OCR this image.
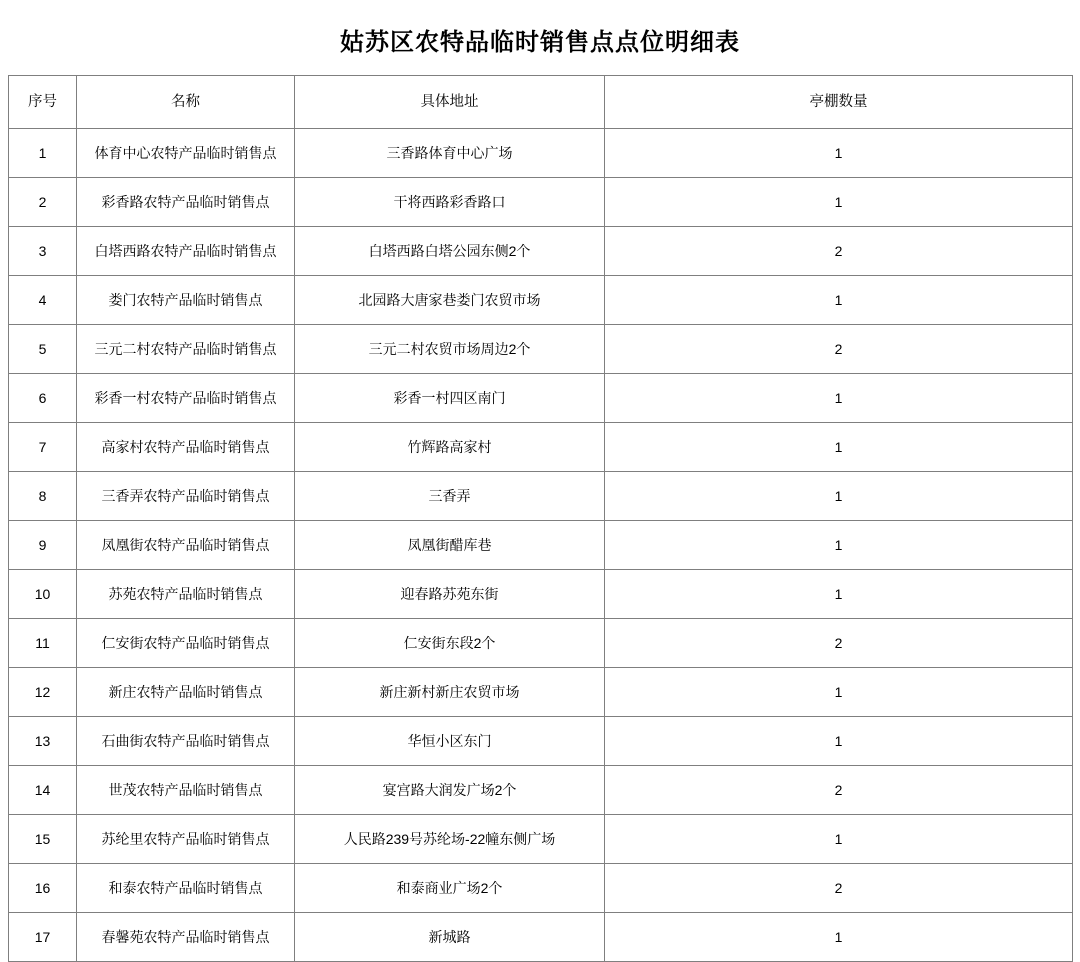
姑苏区农特品临时销售点点位明细表
序号	名称	具体地址	亭棚数量
1	体育中心农特产品临时销售点	三香路体育中心广场	1
2	彩香路农特产品临时销售点	干将西路彩香路口	1
3	白塔西路农特产品临时销售点	白塔西路白塔公园东侧2个	2
4	娄门农特产品临时销售点	北园路大唐家巷娄门农贸市场	1
5	三元二村农特产品临时销售点	三元二村农贸市场周边2个	2
6	彩香一村农特产品临时销售点	彩香一村四区南门	1
7	高家村农特产品临时销售点	竹辉路高家村	1
8	三香弄农特产品临时销售点	三香弄	1
9	凤凰街农特产品临时销售点	凤凰街醋库巷	1
10	苏苑农特产品临时销售点	迎春路苏苑东街	1
11	仁安街农特产品临时销售点	仁安街东段2个	2
12	新庄农特产品临时销售点	新庄新村新庄农贸市场	1
13	石曲街农特产品临时销售点	华恒小区东门	1
14	世茂农特产品临时销售点	宴宫路大润发广场2个	2
15	苏纶里农特产品临时销售点	人民路239号苏纶场-22幢东侧广场	1
16	和泰农特产品临时销售点	和泰商业广场2个	2
17	春馨苑农特产品临时销售点	新城路	1
